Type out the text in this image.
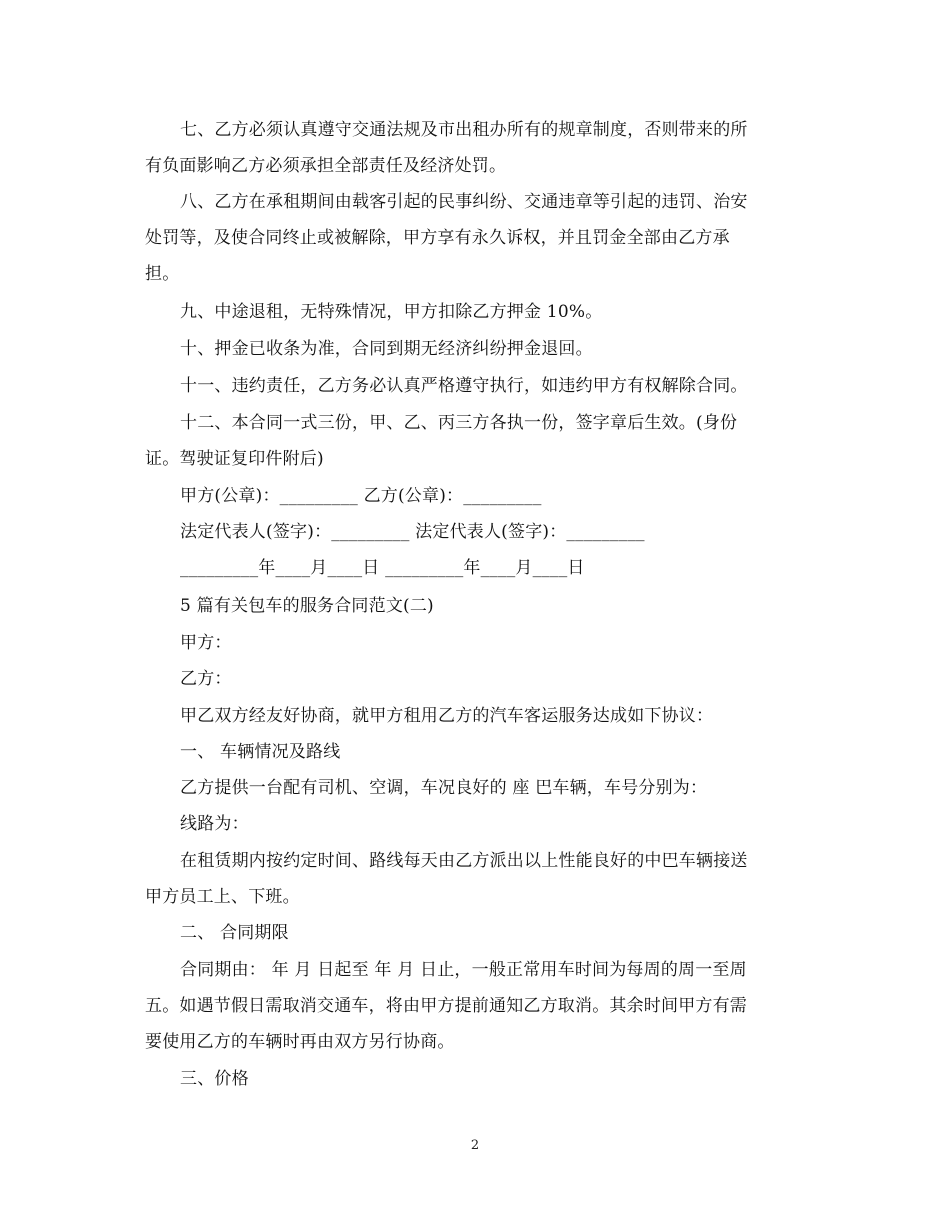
七、乙方必须认真遵守交通法规及市出租办所有的规章制度，否则带来的所
有负面影响乙方必须承担全部责任及经济处罚。
八、乙方在承租期间由载客引起的民事纠纷、交通违章等引起的违罚、治安
处罚等，及使合同终止或被解除，甲方享有永久诉权，并且罚金全部由乙方承
担。
九、中途退租，无特殊情况，甲方扣除乙方押金 10%。
十、押金已收条为准，合同到期无经济纠纷押金退回。
十一、违约责任，乙方务必认真严格遵守执行，如违约甲方有权解除合同。
十二、本合同一式三份，甲、乙、丙三方各执一份，签字章后生效。(身份
证。驾驶证复印件附后)
甲方(公章)：_________ 乙方(公章)：_________
法定代表人(签字)：_________ 法定代表人(签字)：_________
_________年____月____日 _________年____月____日
5 篇有关包车的服务合同范文(二)
甲方：
乙方：
甲乙双方经友好协商，就甲方租用乙方的汽车客运服务达成如下协议：
一、 车辆情况及路线
乙方提供一台配有司机、空调，车况良好的 座 巴车辆，车号分别为：
线路为：
在租赁期内按约定时间、路线每天由乙方派出以上性能良好的中巴车辆接送
甲方员工上、下班。
二、 合同期限
合同期由： 年 月 日起至 年 月 日止，一般正常用车时间为每周的周一至周
五。如遇节假日需取消交通车，将由甲方提前通知乙方取消。其余时间甲方有需
要使用乙方的车辆时再由双方另行协商。
三、价格
2
